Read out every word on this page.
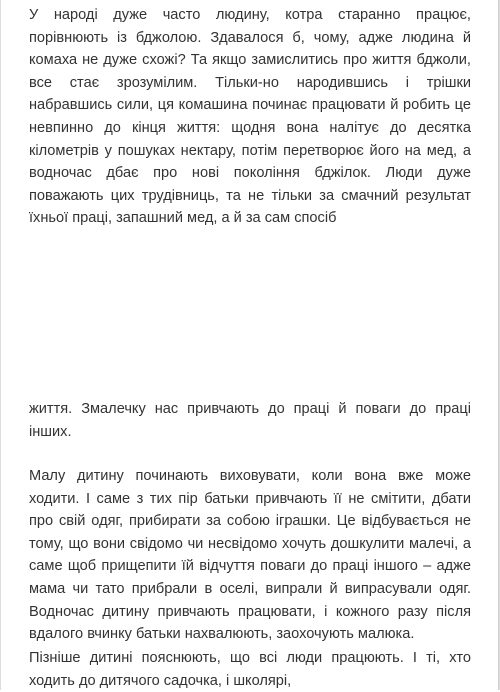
У народі дуже часто людину, котра старанно працює, порівнюють із бджолою. Здавалося б, чому, адже людина й комаха не дуже схожі? Та якщо замислитись про життя бджоли, все стає зрозумілим. Тільки-но народившись і трішки набравшись сили, ця комашина починає працювати й робить це невпинно до кінця життя: щодня вона налітує до десятка кілометрів у пошуках нектару, потім перетворює його на мед, а водночас дбає про нові покоління бджілок. Люди дуже поважають цих трудівниць, та не тільки за смачний результат їхньої праці, запашний мед, а й за сам спосіб

життя. Змалечку нас привчають до праці й поваги до праці інших.

Малу дитину починають виховувати, коли вона вже може ходити. І саме з тих пір батьки привчають її не смітити, дбати про свій одяг, прибирати за собою іграшки. Це відбувається не тому, що вони свідомо чи несвідомо хочуть дошкулити малечі, а саме щоб прищепити їй відчуття поваги до праці іншого – адже мама чи тато прибрали в оселі, випрали й випрасували одяг. Водночас дитину привчають працювати, і кожного разу після вдалого вчинку батьки нахвалюють, заохочують малюка.

Пізніше дитині пояснюють, що всі люди працюють. І ті, хто ходить до дитячого садочка, і школярі,
